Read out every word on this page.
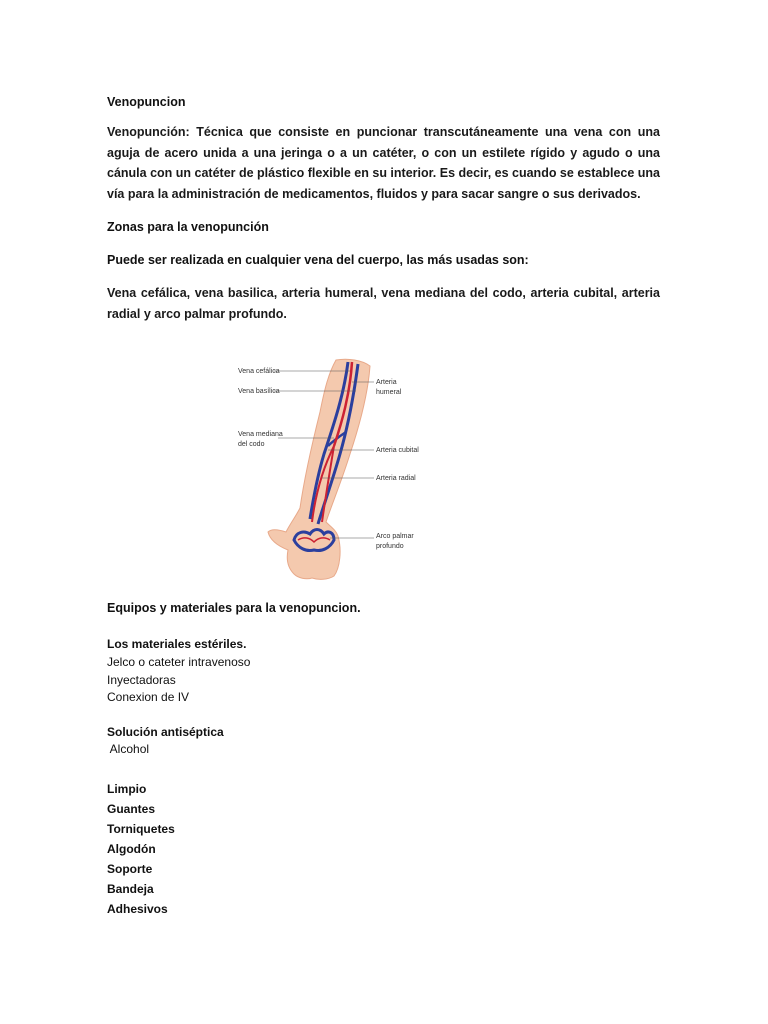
Venopuncion
Venopunción: Técnica que consiste en puncionar transcutáneamente una vena con una aguja de acero unida a una jeringa o a un catéter, o con un estilete rígido y agudo o una cánula con un catéter de plástico flexible en su interior. Es decir, es cuando se establece una vía para la administración de medicamentos, fluidos y para sacar sangre o sus derivados.
Zonas para la venopunción
Puede ser realizada en cualquier vena del cuerpo, las más usadas son:
Vena cefálica, vena basilica, arteria humeral, vena mediana del codo, arteria cubital, arteria radial y arco palmar profundo.
Vena cefálica
Vena basílica
Vena mediana
del codo
Arteria
humeral
Arteria cubital
Arteria radial
Arco palmar
profundo
Equipos y materiales para la venopuncion.
Los materiales estériles.
Jelco o cateter intravenoso
Inyectadoras
Conexion de IV
Solución antiséptica
Alcohol
Limpio
Guantes
Torniquetes
Algodón
Soporte
Bandeja
Adhesivos
